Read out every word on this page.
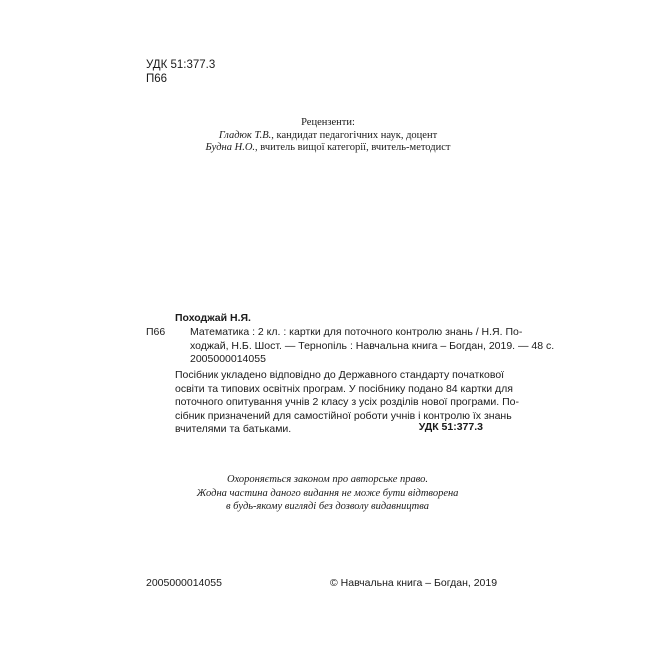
УДК 51:377.3
П66
Рецензенти:
Гладюк Т.В., кандидат педагогічних наук, доцент
Будна Н.О., вчитель вищої категорії, вчитель-методист
Походжай Н.Я.
П66 Математика : 2 кл. : картки для поточного контролю знань / Н.Я. По-
ходжай, Н.Б. Шост. — Тернопіль : Навчальна книга – Богдан, 2019. — 48 с.
2005000014055
Посібник укладено відповідно до Державного стандарту початкової
освіти та типових освітніх програм. У посібнику подано 84 картки для
поточного опитування учнів 2 класу з усіх розділів нової програми. По-
сібник призначений для самостійної роботи учнів і контролю їх знань
вчителями та батьками.	УДК 51:377.3
Охороняється законом про авторське право.
Жодна частина даного видання не може бути відтворена
в будь-якому вигляді без дозволу видавництва
2005000014055	© Навчальна книга – Богдан, 2019
